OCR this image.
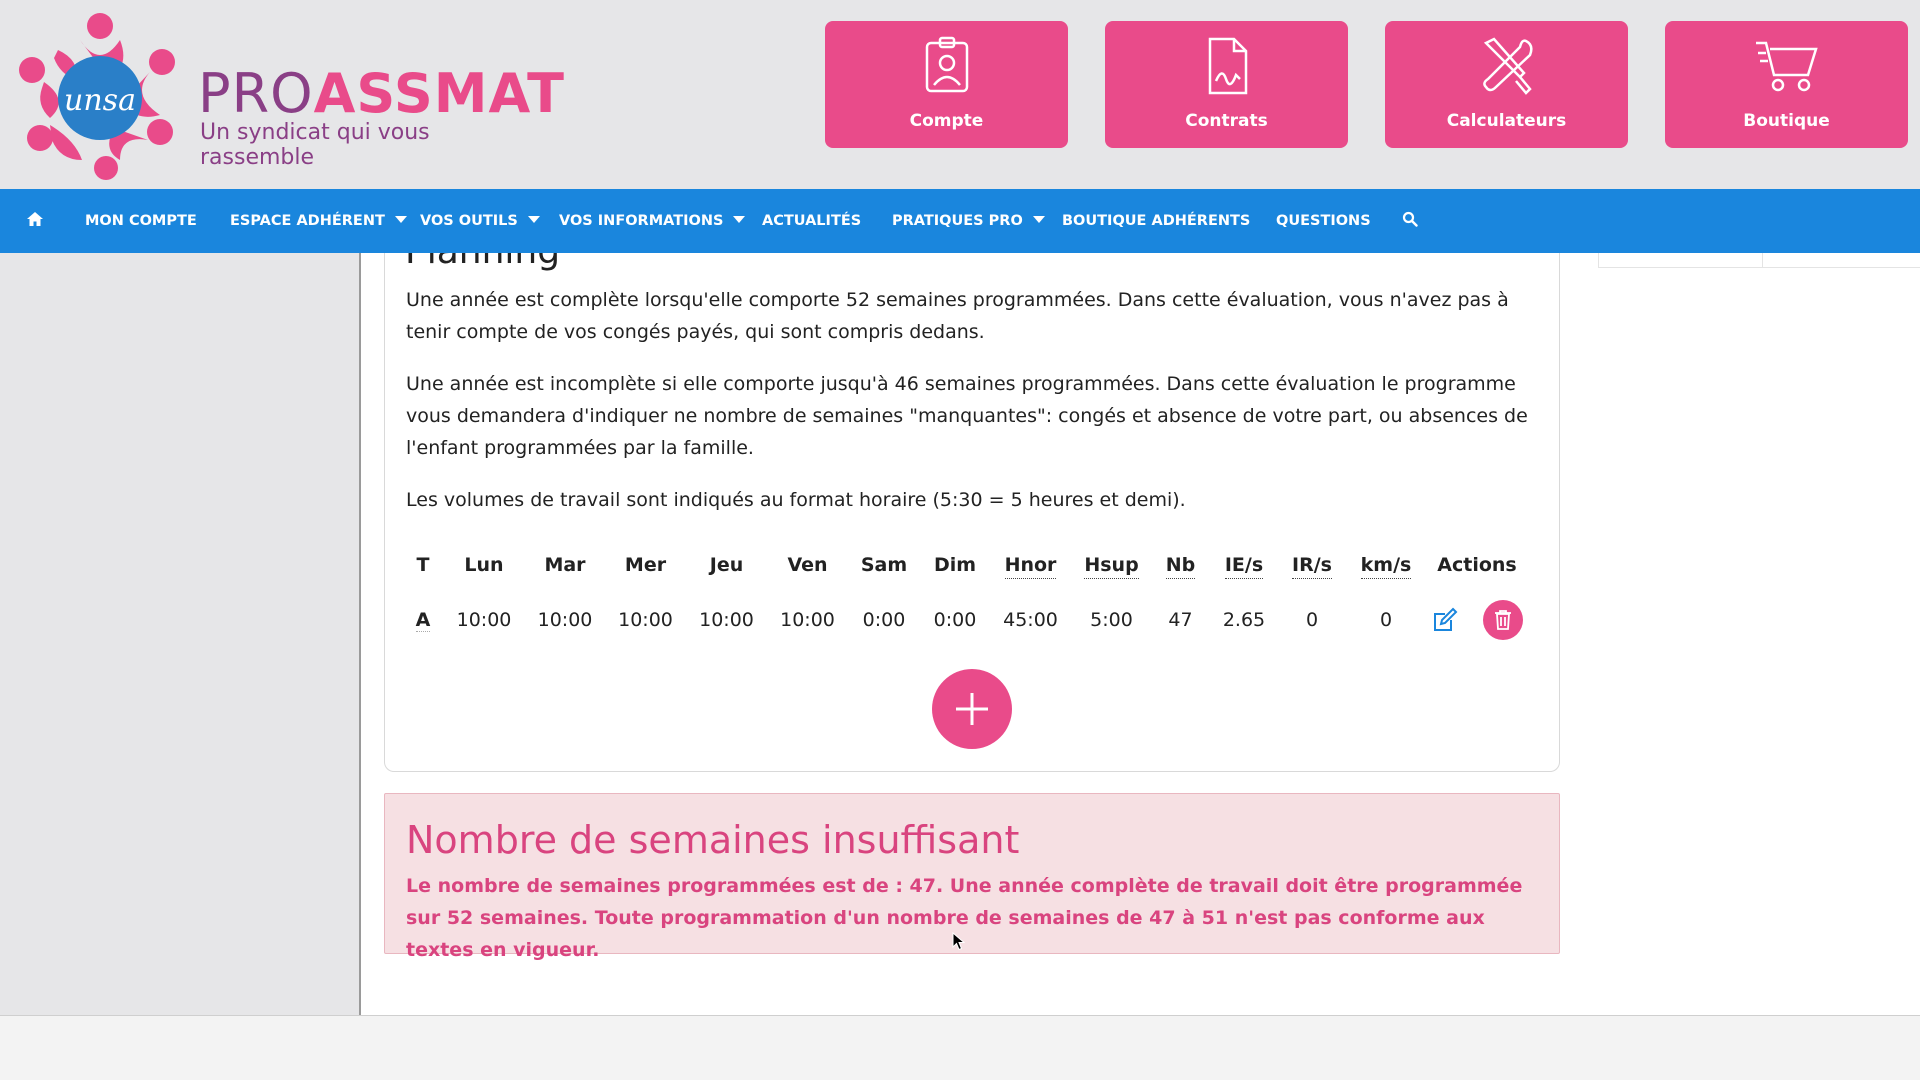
unsa PROASSMAT
Un syndicat qui vous rassemble
Compte	Contrats	Calculateurs	Boutique
MON COMPTE ESPACE ADHÉRENT	VOS OUTILS	VOS INFORMATIONS	ACTUALITÉS PRATIQUES PRO	BOUTIQUE ADHÉRENTS QUESTIONS

Une année est complète lorsqu'elle comporte 52 semaines programmées. Dans cette évaluation, vous n'avez pas à tenir compte de vos congés payés, qui sont compris dedans.

Une année est incomplète si elle comporte jusqu'à 46 semaines programmées. Dans cette évaluation le programme vous demandera d'indiquer ne nombre de semaines "manquantes": congés et absence de votre part, ou absences de l'enfant programmées par la famille.

Les volumes de travail sont indiqués au format horaire (5:30 = 5 heures et demi).

T	Lun	Mar	Mer	Jeu	Ven	Sam	Dim	Hnor	Hsup	Nb	IE/s	IR/s	km/s	Actions
A	10:00	10:00	10:00	10:00	10:00	0:00	0:00	45:00	5:00	47	2.65	0	0	
Nombre de semaines insuffisant
Le nombre de semaines programmées est de : 47. Une année complète de travail doit être programmée sur 52 semaines. Toute programmation d'un nombre de semaines de 47 à 51 n'est pas conforme aux textes en vigueur.
